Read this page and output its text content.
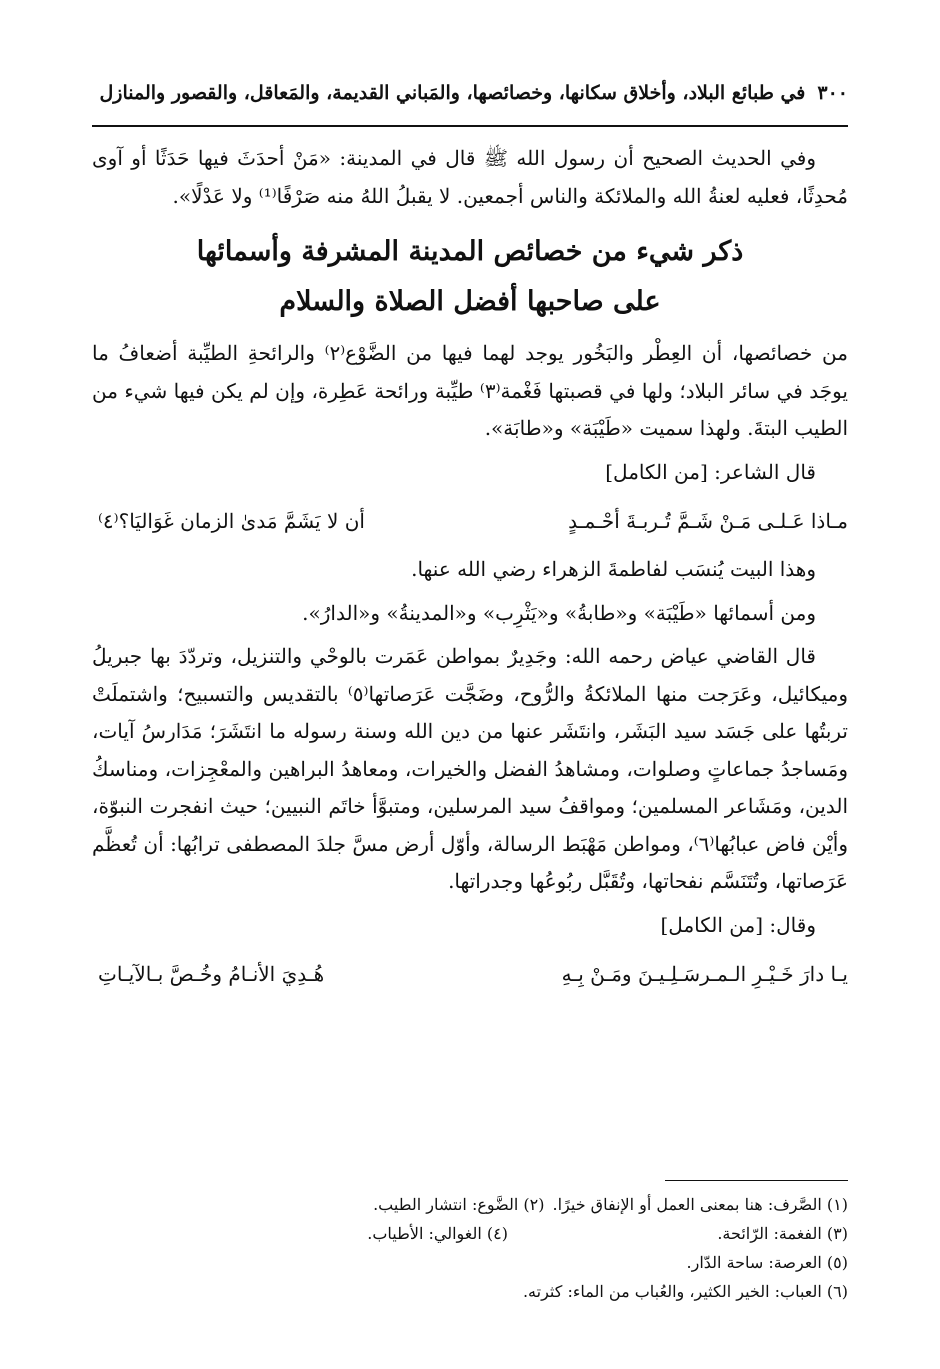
٣٠٠
في طبائع البلاد، وأخلاق سكانها، وخصائصها، والمَباني القديمة، والمَعاقل، والقصور والمنازل

وفي الحديث الصحيح أن رسول الله ﷺ قال في المدينة: «مَنْ أحدَثَ فيها حَدَثًا أو آوى مُحدِثًا، فعليه لعنةُ الله والملائكة والناس أجمعين. لا يقبلُ اللهُ منه صَرْفًا⁽¹⁾ ولا عَدْلًا».

ذكر شيء من خصائص المدينة المشرفة وأسمائها
على صاحبها أفضل الصلاة والسلام

من خصائصها، أن العِطْر والبَخُور يوجد لهما فيها من الضَّوْع⁽٢⁾ والرائحةِ الطيِّبة أضعافُ ما يوجَد في سائر البلاد؛ ولها في قصبتها فَغْمة⁽٣⁾ طيِّبة ورائحة عَطِرة، وإن لم يكن فيها شيء من الطيب البتةَ. ولهذا سميت «طَيْبَة» و«طابَة».

قال الشاعر: [من الكامل]

مـاذا عَـلـى مَـنْ شَـمَّ تُـربـةَ أحْـمـدٍ
أن لا يَشَمَّ مَدىٰ الزمان غَوَاليَا؟⁽٤⁾

وهذا البيت يُنسَب لفاطمةَ الزهراء رضي الله عنها.

ومن أسمائها «طَيْبَة» و«طابةُ» و«يَثْرِب» و«المدينةُ» و«الدارُ».

قال القاضي عياض رحمه الله: وجَدِيرٌ بمواطن عَمَرت بالوحْي والتنزيل، وتردّدَ بها جبريلُ وميكائيل، وعَرَجت منها الملائكةُ والرُّوح، وضَجَّت عَرَصاتها⁽٥⁾ بالتقديس والتسبيح؛ واشتملَتْ تربتُها على جَسَد سيد البَشَر، وانتَشَر عنها من دين الله وسنة رسوله ما انتَشَرَ؛ مَدَارسُ آيات، ومَساجدُ جماعاتٍ وصلوات، ومشاهدُ الفضل والخيرات، ومعاهدُ البراهين والمعْجِزات، ومناسكُ الدين، ومَشَاعر المسلمين؛ ومواقفُ سيد المرسلين، ومتبوَّأ خاتَم النبيين؛ حيث انفجرت النبوّة، وأيْن فاض عبابُها⁽٦⁾، ومواطن مَهْبَط الرسالة، وأوّل أرض مسَّ جلدَ المصطفى ترابُها: أن تُعظَّم عَرَصاتها، وتُتَنَسَّم نفحاتها، وتُقَبَّل ربُوعُها وجدراتها.

وقال: [من الكامل]

يـا دارَ خَـيْـرِ الـمـرسَـلِـيـنَ ومَـنْ بِـهِ
هُـدِيَ الأنـامُ وخُـصَّ بـالآيـاتِ
(١) الصَّرف: هنا بمعنى العمل أو الإنفاق خيرًا.
(٢) الضَّوع: انتشار الطيب.
(٣) الفغمة: الرّائحة.
(٤) الغوالي: الأطياب.
(٥) العرصة: ساحة الدّار.
(٦) العباب: الخير الكثير، والعُباب من الماء: كثرته.
